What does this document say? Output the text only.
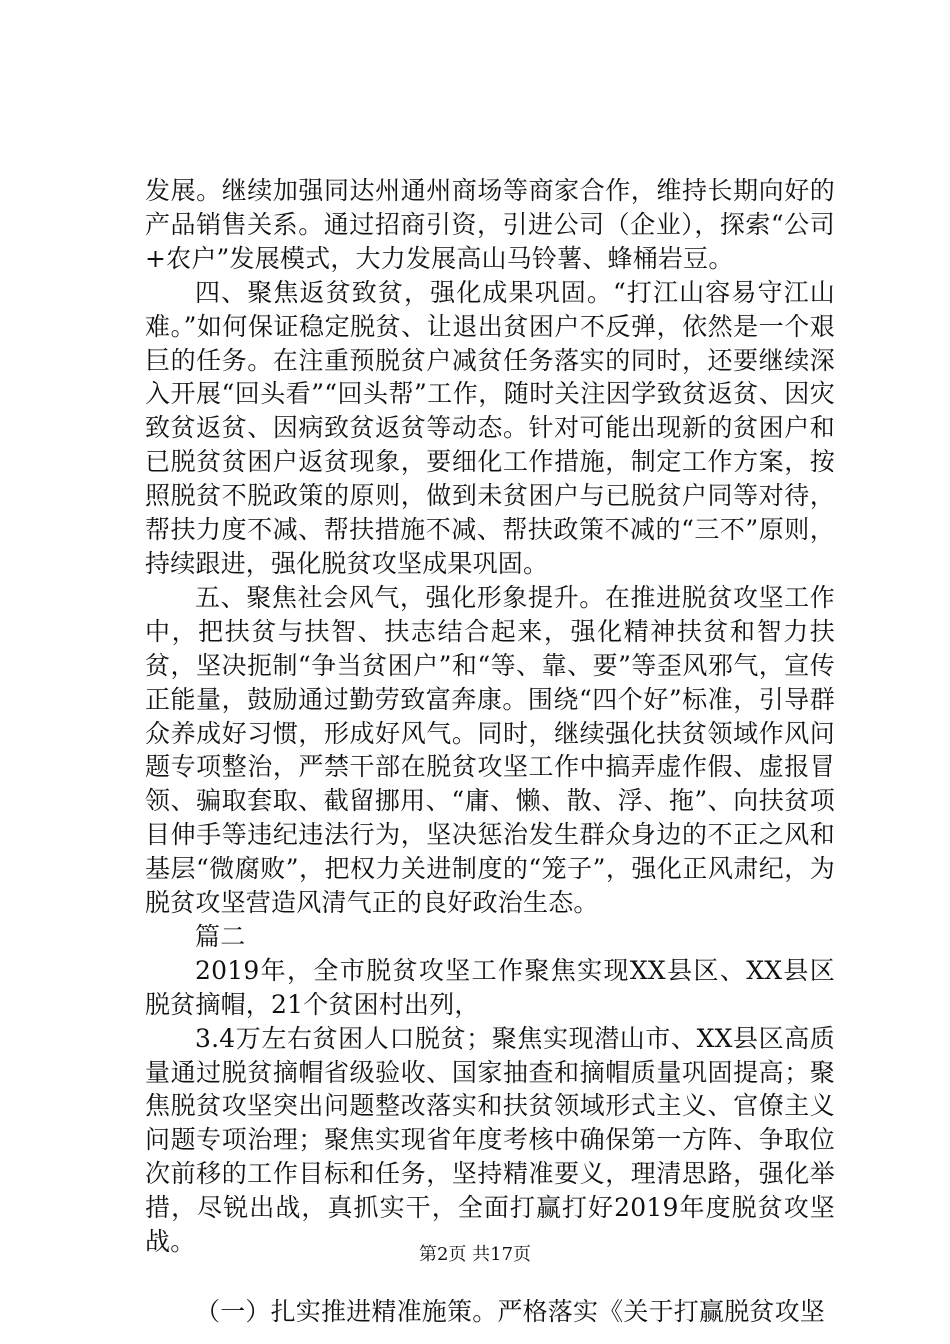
发展。继续加强同达州通州商场等商家合作，维持长期向好的产品销售关系。通过招商引资，引进公司（企业），探索“公司+农户”发展模式，大力发展高山马铃薯、蜂桶岩豆。

四、聚焦返贫致贫，强化成果巩固。“打江山容易守江山难。”如何保证稳定脱贫、让退出贫困户不反弹，依然是一个艰巨的任务。在注重预脱贫户减贫任务落实的同时，还要继续深入开展“回头看”“回头帮”工作，随时关注因学致贫返贫、因灾致贫返贫、因病致贫返贫等动态。针对可能出现新的贫困户和已脱贫贫困户返贫现象，要细化工作措施，制定工作方案，按照脱贫不脱政策的原则，做到未贫困户与已脱贫户同等对待，帮扶力度不减、帮扶措施不减、帮扶政策不减的“三不”原则，持续跟进，强化脱贫攻坚成果巩固。

五、聚焦社会风气，强化形象提升。在推进脱贫攻坚工作中，把扶贫与扶智、扶志结合起来，强化精神扶贫和智力扶贫，坚决扼制“争当贫困户”和“等、靠、要”等歪风邪气，宣传正能量，鼓励通过勤劳致富奔康。围绕“四个好”标准，引导群众养成好习惯，形成好风气。同时，继续强化扶贫领域作风问题专项整治，严禁干部在脱贫攻坚工作中搞弄虚作假、虚报冒领、骗取套取、截留挪用、“庸、懒、散、浮、拖”、向扶贫项目伸手等违纪违法行为，坚决惩治发生群众身边的不正之风和基层“微腐败”，把权力关进制度的“笼子”，强化正风肃纪，为脱贫攻坚营造风清气正的良好政治生态。

篇二

2019年，全市脱贫攻坚工作聚焦实现XX县区、XX县区脱贫摘帽，21个贫困村出列，

3.4万左右贫困人口脱贫；聚焦实现潜山市、XX县区高质量通过脱贫摘帽省级验收、国家抽查和摘帽质量巩固提高；聚焦脱贫攻坚突出问题整改落实和扶贫领域形式主义、官僚主义问题专项治理；聚焦实现省年度考核中确保第一方阵、争取位次前移的工作目标和任务，坚持精准要义，理清思路，强化举措，尽锐出战，真抓实干，全面打赢打好2019年度脱贫攻坚战。

（一）扎实推进精准施策。严格落实《关于打赢脱贫攻坚

第2页 共17页
